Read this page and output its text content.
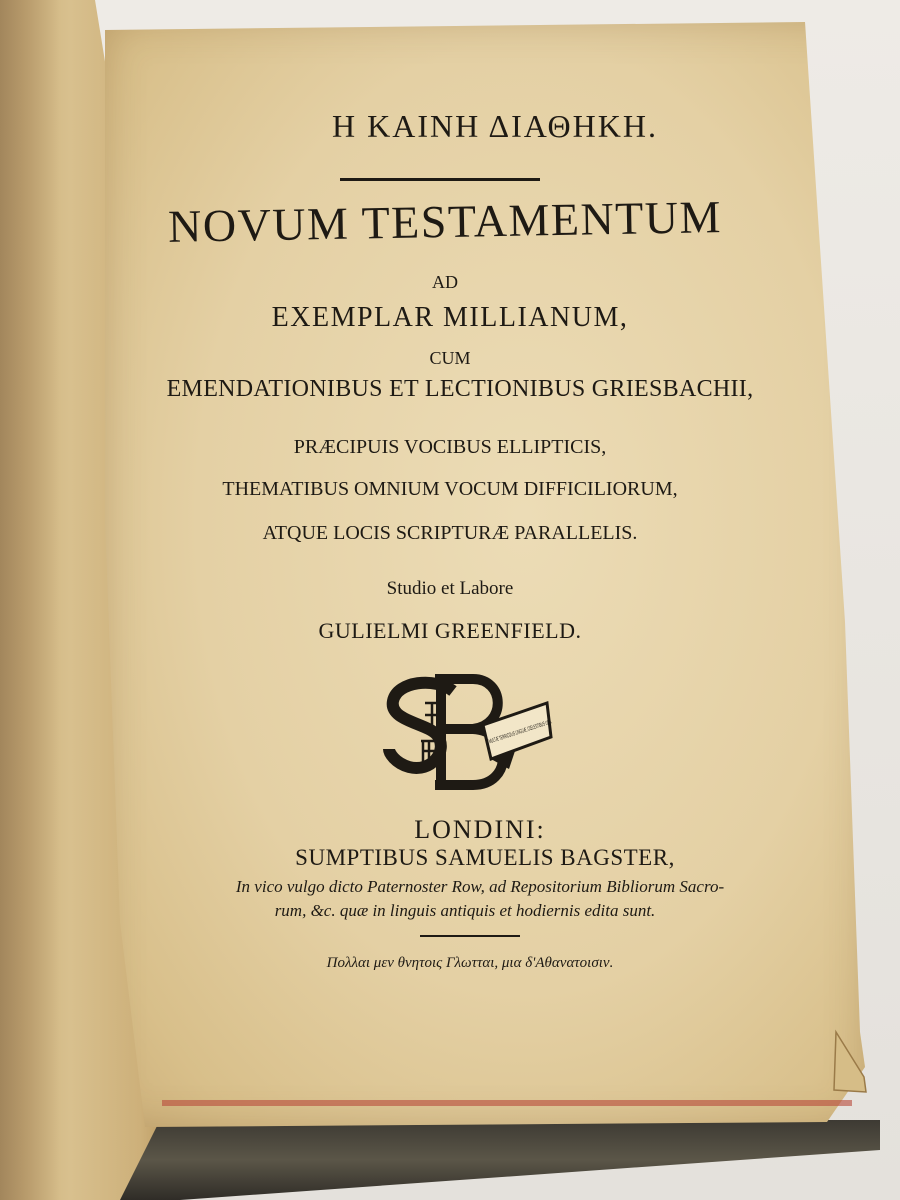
Η ΚΑΙΝΗ ΔΙΑΘΗΚΗ.
NOVUM TESTAMENTUM
AD
EXEMPLAR MILLIANUM,
CUM
EMENDATIONIBUS ET LECTIONIBUS GRIESBACHII,
PRÆCIPUIS VOCIBUS ELLIPTICIS,
THEMATIBUS OMNIUM VOCUM DIFFICILIORUM,
ATQUE LOCIS SCRIPTURÆ PARALLELIS.
Studio et Labore
GULIELMI GREENFIELD.
MULTÆ TERRICOLIS LINGUÆ, CŒLESTIBUS UNA.
LONDINI:
SUMPTIBUS SAMUELIS BAGSTER,
In vico vulgo dicto Paternoster Row, ad Repositorium Bibliorum Sacro-
rum, &c. quæ in linguis antiquis et hodiernis edita sunt.
Πολλαι μεν θνητοις Γλωτται, μια δ'Αθανατοισιν.
